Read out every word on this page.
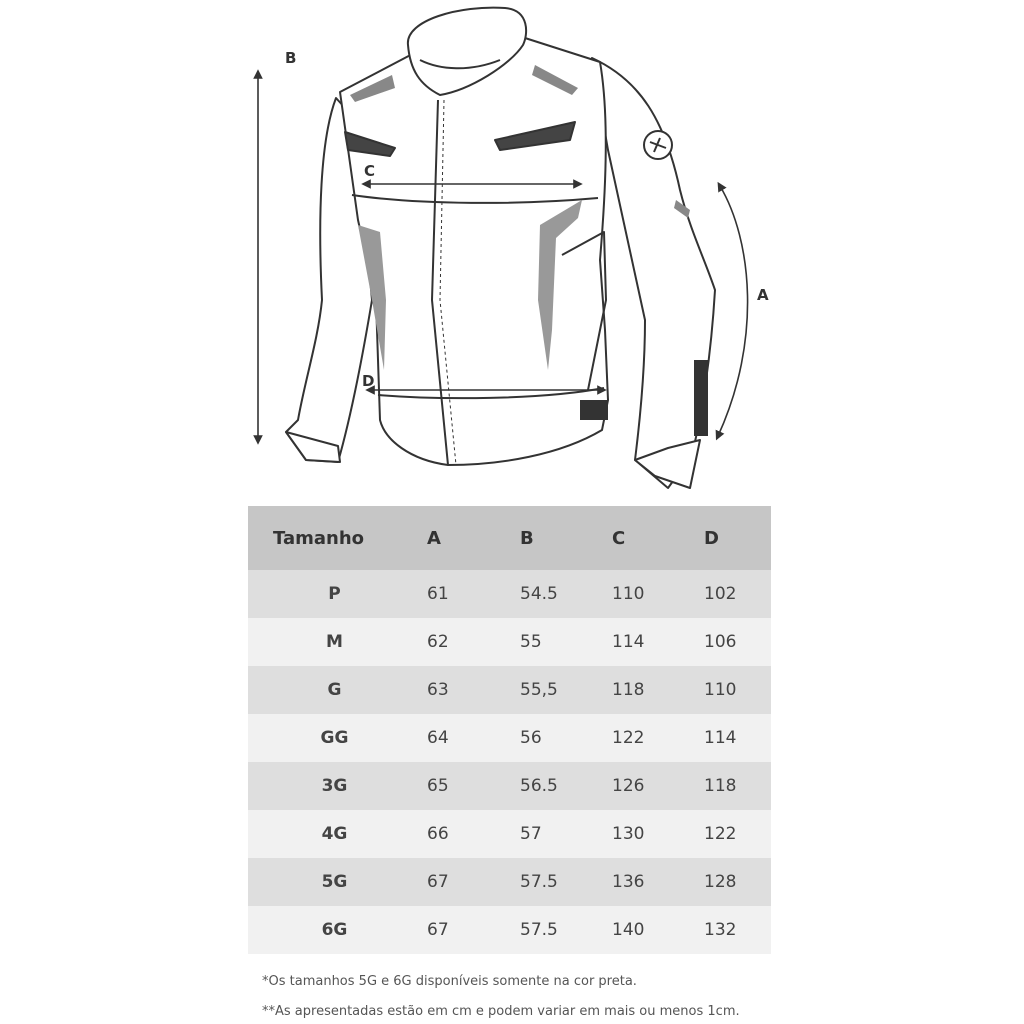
B
C
D
A
Tamanho	A	B	C	D
P	61	54.5	110	102
M	62	55	114	106
G	63	55,5	118	110
GG	64	56	122	114
3G	65	56.5	126	118
4G	66	57	130	122
5G	67	57.5	136	128
6G	67	57.5	140	132
*Os tamanhos 5G e 6G disponíveis somente na cor preta.
**As apresentadas estão em cm e podem variar em mais ou menos 1cm.
